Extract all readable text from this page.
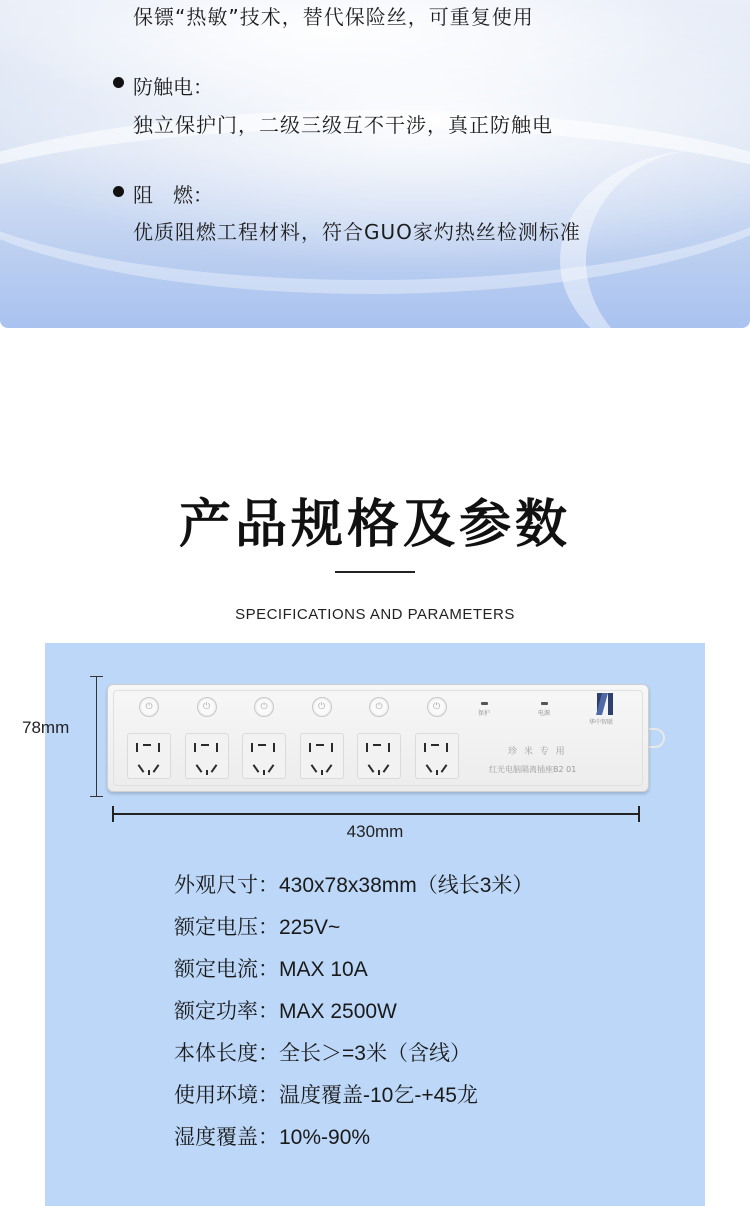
保镖“热敏”技术，替代保险丝，可重复使用
防触电：
独立保护门，二级三级互不干涉，真正防触电
阻　燃：
优质阻燃工程材料，符合GUO家灼热丝检测标准
产品规格及参数
SPECIFICATIONS AND PARAMETERS
78mm
430mm
⏻	⏻	⏻	⏻	⏻	⏻
保护	电源
华中智联
珍 米 专 用
红光电脑隔离插座B2 01
外观尺寸：430x78x38mm（线长3米）
额定电压：225V~
额定电流：MAX 10A
额定功率：MAX 2500W
本体长度：全长＞=3米（含线）
使用环境：温度覆盖-10乞-+45龙
湿度覆盖：10%-90%
